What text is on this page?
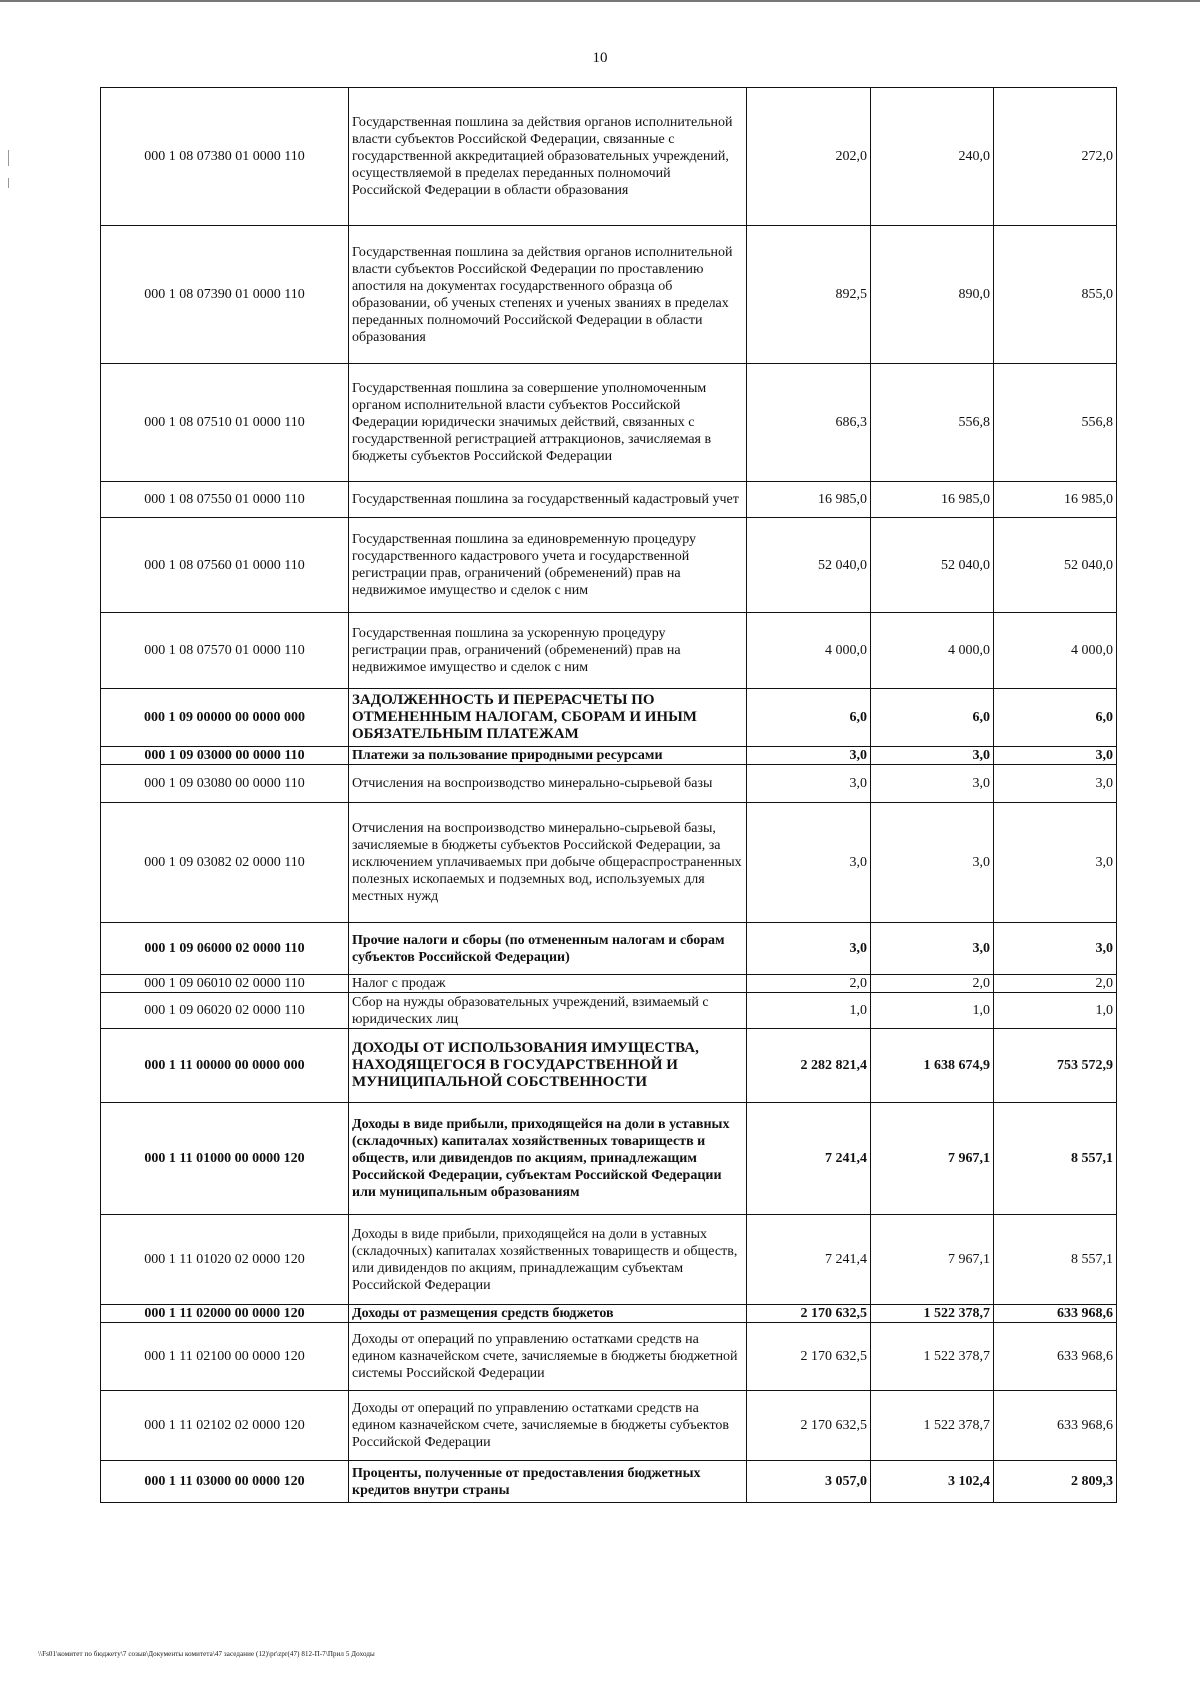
10
000 1 08 07380 01 0000 110	Государственная пошлина за действия органов исполнительной власти субъектов Российской Федерации, связанные с государственной аккредитацией образовательных учреждений, осуществляемой в пределах переданных полномочий Российской Федерации в области образования	202,0	240,0	272,0
000 1 08 07390 01 0000 110	Государственная пошлина за действия органов исполнительной власти субъектов Российской Федерации по проставлению апостиля на документах государственного образца об образовании, об ученых степенях и ученых званиях в пределах переданных полномочий Российской Федерации в области образования	892,5	890,0	855,0
000 1 08 07510 01 0000 110	Государственная пошлина за совершение уполномоченным органом исполнительной власти субъектов Российской Федерации юридически значимых действий, связанных с государственной регистрацией аттракционов, зачисляемая в бюджеты субъектов Российской Федерации	686,3	556,8	556,8
000 1 08 07550 01 0000 110	Государственная пошлина за государственный кадастровый учет	16 985,0	16 985,0	16 985,0
000 1 08 07560 01 0000 110	Государственная пошлина за единовременную процедуру государственного кадастрового учета и государственной регистрации прав, ограничений (обременений) прав на недвижимое имущество и сделок с ним	52 040,0	52 040,0	52 040,0
000 1 08 07570 01 0000 110	Государственная пошлина за ускоренную процедуру регистрации прав, ограничений (обременений) прав на недвижимое имущество и сделок с ним	4 000,0	4 000,0	4 000,0
000 1 09 00000 00 0000 000	ЗАДОЛЖЕННОСТЬ И ПЕРЕРАСЧЕТЫ ПО ОТМЕНЕННЫМ НАЛОГАМ, СБОРАМ И ИНЫМ ОБЯЗАТЕЛЬНЫМ ПЛАТЕЖАМ	6,0	6,0	6,0
000 1 09 03000 00 0000 110	Платежи за пользование природными ресурсами	3,0	3,0	3,0
000 1 09 03080 00 0000 110	Отчисления на воспроизводство минерально-сырьевой базы	3,0	3,0	3,0
000 1 09 03082 02 0000 110	Отчисления на воспроизводство минерально-сырьевой базы, зачисляемые в бюджеты субъектов Российской Федерации, за исключением уплачиваемых при добыче общераспространенных полезных ископаемых и подземных вод, используемых для местных нужд	3,0	3,0	3,0
000 1 09 06000 02 0000 110	Прочие налоги и сборы (по отмененным налогам и сборам субъектов Российской Федерации)	3,0	3,0	3,0
000 1 09 06010 02 0000 110	Налог с продаж	2,0	2,0	2,0
000 1 09 06020 02 0000 110	Сбор на нужды образовательных учреждений, взимаемый с юридических лиц	1,0	1,0	1,0
000 1 11 00000 00 0000 000	ДОХОДЫ ОТ ИСПОЛЬЗОВАНИЯ ИМУЩЕСТВА, НАХОДЯЩЕГОСЯ В ГОСУДАРСТВЕННОЙ И МУНИЦИПАЛЬНОЙ СОБСТВЕННОСТИ	2 282 821,4	1 638 674,9	753 572,9
000 1 11 01000 00 0000 120	Доходы в виде прибыли, приходящейся на доли в уставных (складочных) капиталах хозяйственных товариществ и обществ, или дивидендов по акциям, принадлежащим Российской Федерации, субъектам Российской Федерации или муниципальным образованиям	7 241,4	7 967,1	8 557,1
000 1 11 01020 02 0000 120	Доходы в виде прибыли, приходящейся на доли в уставных (складочных) капиталах хозяйственных товариществ и обществ, или дивидендов по акциям, принадлежащим субъектам Российской Федерации	7 241,4	7 967,1	8 557,1
000 1 11 02000 00 0000 120	Доходы от размещения средств бюджетов	2 170 632,5	1 522 378,7	633 968,6
000 1 11 02100 00 0000 120	Доходы от операций по управлению остатками средств на едином казначейском счете, зачисляемые в бюджеты бюджетной системы Российской Федерации	2 170 632,5	1 522 378,7	633 968,6
000 1 11 02102 02 0000 120	Доходы от операций по управлению остатками средств на едином казначейском счете, зачисляемые в бюджеты субъектов Российской Федерации	2 170 632,5	1 522 378,7	633 968,6
000 1 11 03000 00 0000 120	Проценты, полученные от предоставления бюджетных кредитов внутри страны	3 057,0	3 102,4	2 809,3
\\Fs01\комитет по бюджету\7 созыв\Документы комитета\47 заседание (12)\pr\zpr(47) 812-П-7\Прил 5 Доходы
